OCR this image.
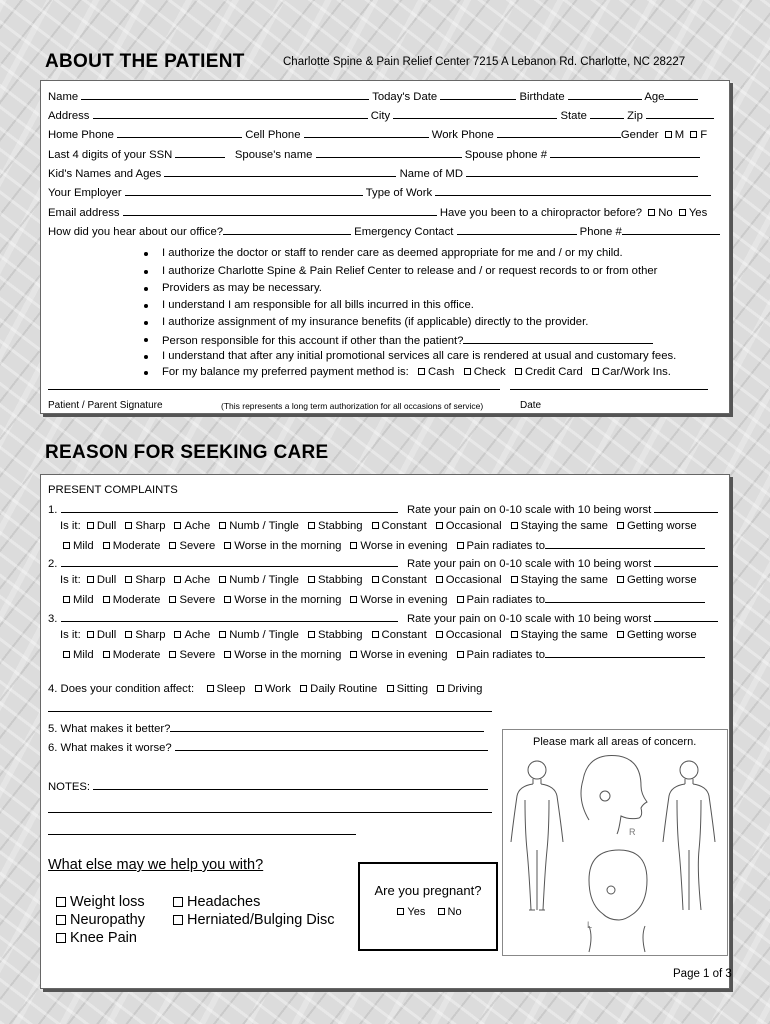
ABOUT THE PATIENT	Charlotte Spine & Pain Relief Center 7215 A Lebanon Rd. Charlotte, NC 28227
Name	Today's Date	Birthdate	Age
Address	City	State	Zip
Home Phone	Cell Phone	Work Phone	Gender M F
Last 4 digits of your SSN	Spouse's name	Spouse phone #
Kid's Names and Ages	Name of MD
Your Employer	Type of Work
Email address	Have you been to a chiropractor before? No Yes
How did you hear about our office?	Emergency Contact	Phone #
I authorize the doctor or staff to render care as deemed appropriate for me and / or my child.
I authorize Charlotte Spine & Pain Relief Center to release and / or request records to or from other
Providers as may be necessary.
I understand I am responsible for all bills incurred in this office.
I authorize assignment of my insurance benefits (if applicable) directly to the provider.
Person responsible for this account if other than the patient?
I understand that after any initial promotional services all care is rendered at usual and customary fees.
For my balance my preferred payment method is: Cash Check Credit Card Car/Work Ins.
Patient / Parent Signature	(This represents a long term authorization for all occasions of service)	Date
REASON FOR SEEKING CARE
PRESENT COMPLAINTS
1.	Rate your pain on 0-10 scale with 10 being worst
Is it: Dull Sharp Ache Numb / Tingle Stabbing Constant Occasional Staying the same Getting worse
Mild Moderate Severe Worse in the morning Worse in evening Pain radiates to
2.	Rate your pain on 0-10 scale with 10 being worst
Is it: Dull Sharp Ache Numb / Tingle Stabbing Constant Occasional Staying the same Getting worse
Mild Moderate Severe Worse in the morning Worse in evening Pain radiates to
3.	Rate your pain on 0-10 scale with 10 being worst
Is it: Dull Sharp Ache Numb / Tingle Stabbing Constant Occasional Staying the same Getting worse
Mild Moderate Severe Worse in the morning Worse in evening Pain radiates to
4. Does your condition affect: Sleep Work Daily Routine Sitting Driving
5. What makes it better?
6. What makes it worse?
NOTES:
What else may we help you with?
Weight loss
Neuropathy
Knee Pain
Headaches
Herniated/Bulging Disc
Are you pregnant?
Yes No
Please mark all areas of concern.
R
L
Page 1 of 3
